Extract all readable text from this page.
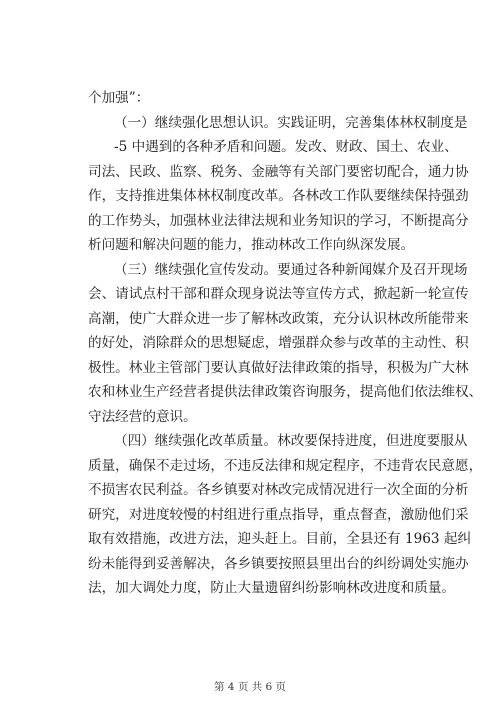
个加强”：
（一）继续强化思想认识。实践证明，完善集体林权制度是
-5 中遇到的各种矛盾和问题。发改、财政、国土、农业、
司法、民政、监察、税务、金融等有关部门要密切配合，通力协
作，支持推进集体林权制度改革。各林改工作队要继续保持强劲
的工作势头，加强林业法律法规和业务知识的学习，不断提高分
析问题和解决问题的能力，推动林改工作向纵深发展。
（三）继续强化宣传发动。要通过各种新闻媒介及召开现场
会、请试点村干部和群众现身说法等宣传方式，掀起新一轮宣传
高潮，使广大群众进一步了解林改政策，充分认识林改所能带来
的好处，消除群众的思想疑虑，增强群众参与改革的主动性、积
极性。林业主管部门要认真做好法律政策的指导，积极为广大林
农和林业生产经营者提供法律政策咨询服务，提高他们依法维权、
守法经营的意识。
（四）继续强化改革质量。林改要保持进度，但进度要服从
质量，确保不走过场，不违反法律和规定程序，不违背农民意愿，
不损害农民利益。各乡镇要对林改完成情况进行一次全面的分析
研究，对进度较慢的村组进行重点指导，重点督查，激励他们采
取有效措施，改进方法，迎头赶上。目前，全县还有 1963 起纠
纷未能得到妥善解决，各乡镇要按照县里出台的纠纷调处实施办
法，加大调处力度，防止大量遗留纠纷影响林改进度和质量。
第 4 页 共 6 页
